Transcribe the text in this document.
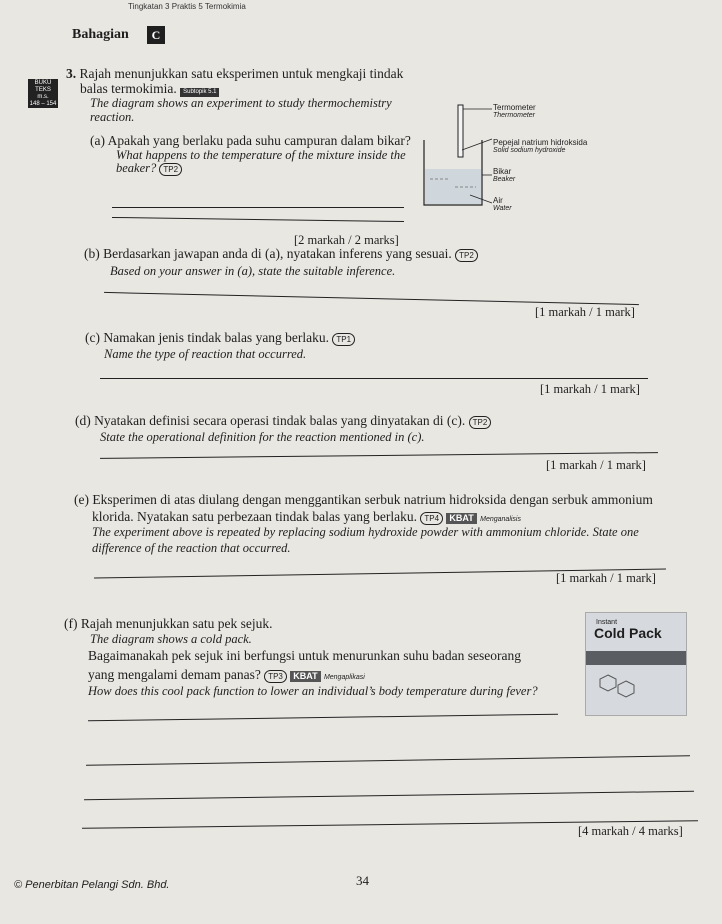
Tingkatan 3 Praktis 5 Termokimia
Bahagian	C
BUKU
TEKS
m.s.
148 – 154
3. Rajah menunjukkan satu eksperimen untuk mengkaji tindak
balas termokimia. Subtopik 5.1
The diagram shows an experiment to study thermochemistry
reaction.
Termometer
Thermometer
Pepejal natrium hidroksida
Solid sodium hydroxide
Bikar
Beaker
Air
Water
(a) Apakah yang berlaku pada suhu campuran dalam bikar?
What happens to the temperature of the mixture inside the
beaker? TP2
[2 markah / 2 marks]
(b) Berdasarkan jawapan anda di (a), nyatakan inferens yang sesuai. TP2
Based on your answer in (a), state the suitable inference.
[1 markah / 1 mark]
(c) Namakan jenis tindak balas yang berlaku. TP1
Name the type of reaction that occurred.
[1 markah / 1 mark]
(d) Nyatakan definisi secara operasi tindak balas yang dinyatakan di (c). TP2
State the operational definition for the reaction mentioned in (c).
[1 markah / 1 mark]
(e) Eksperimen di atas diulang dengan menggantikan serbuk natrium hidroksida dengan serbuk ammonium
klorida. Nyatakan satu perbezaan tindak balas yang berlaku. TP4 KBAT Menganalisis
The experiment above is repeated by replacing sodium hydroxide powder with ammonium chloride. State one
difference of the reaction that occurred.
[1 markah / 1 mark]
(f) Rajah menunjukkan satu pek sejuk.
The diagram shows a cold pack.
Bagaimanakah pek sejuk ini berfungsi untuk menurunkan suhu badan seseorang
yang mengalami demam panas? TP3 KBAT Mengaplikasi
How does this cool pack function to lower an individual’s body temperature during fever?
Instant
Cold Pack
[4 markah / 4 marks]
© Penerbitan Pelangi Sdn. Bhd.	34
